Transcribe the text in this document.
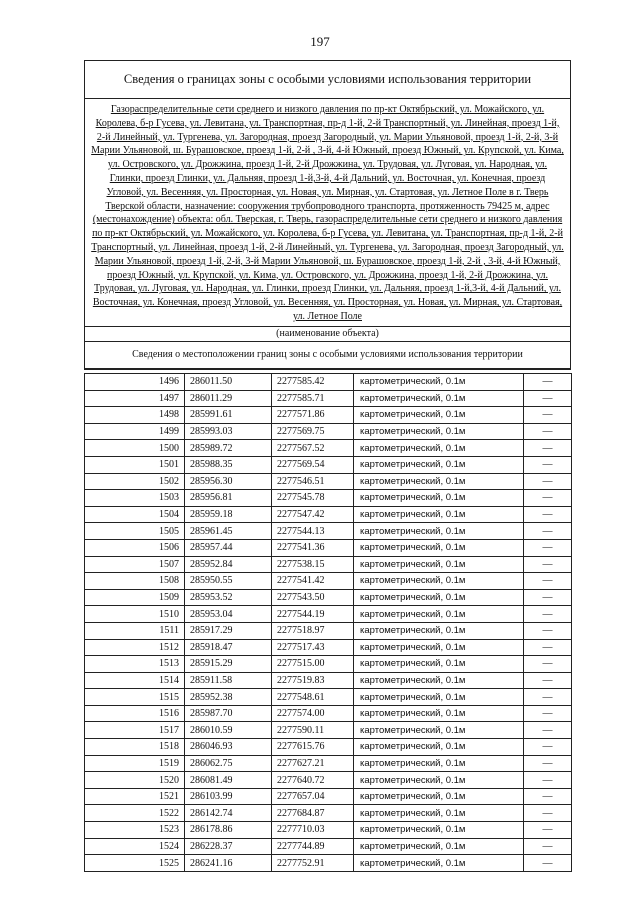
197
Сведения о границах зоны с особыми условиями использования территории
Газораспределительные сети среднего и низкого давления по пр-кт Октябрьский, ул. Можайского, ул. Королева, б-р Гусева, ул. Левитана, ул. Транспортная, пр-д 1-й, 2-й Транспортный, ул. Линейная, проезд 1-й, 2-й Линейный, ул. Тургенева, ул. Загородная, проезд Загородный, ул. Марии Ульяновой, проезд 1-й, 2-й, 3-й Марии Ульяновой, ш. Бурашовское, проезд 1-й, 2-й , 3-й, 4-й Южный, проезд Южный, ул. Крупской, ул. Кима, ул. Островского, ул. Дрожжина, проезд 1-й, 2-й Дрожжина, ул. Трудовая, ул. Луговая, ул. Народная, ул. Глинки, проезд Глинки, ул. Дальняя, проезд 1-й,3-й, 4-й Дальний, ул. Восточная, ул. Конечная, проезд Угловой, ул. Весенняя, ул. Просторная, ул. Новая, ул. Мирная, ул. Стартовая, ул. Летное Поле в г. Тверь Тверской области, назначение: сооружения трубопроводного транспорта, протяженность 79425 м, адрес (местонахождение) объекта: обл. Тверская, г. Тверь, газораспределительные сети среднего и низкого давления по пр-кт Октябрьский, ул. Можайского, ул. Королева, б-р Гусева, ул. Левитана, ул. Транспортная, пр-д 1-й, 2-й Транспортный, ул. Линейная, проезд 1-й, 2-й Линейный, ул. Тургенева, ул. Загородная, проезд Загородный, ул. Марии Ульяновой, проезд 1-й, 2-й, 3-й Марии Ульяновой, ш. Бурашовское, проезд 1-й, 2-й , 3-й, 4-й Южный, проезд Южный, ул. Крупской, ул. Кима, ул. Островского, ул. Дрожжина, проезд 1-й, 2-й Дрожжина, ул. Трудовая, ул. Луговая, ул. Народная, ул. Глинки, проезд Глинки, ул. Дальняя, проезд 1-й,3-й, 4-й Дальний, ул. Восточная, ул. Конечная, проезд Угловой, ул. Весенняя, ул. Просторная, ул. Новая, ул. Мирная, ул. Стартовая, ул. Летное Поле
(наименование объекта)
Сведения о местоположении границ зоны с особыми условиями использования территории
1496	286011.50	2277585.42	картометрический, 0.1м	—
1497	286011.29	2277585.71	картометрический, 0.1м	—
1498	285991.61	2277571.86	картометрический, 0.1м	—
1499	285993.03	2277569.75	картометрический, 0.1м	—
1500	285989.72	2277567.52	картометрический, 0.1м	—
1501	285988.35	2277569.54	картометрический, 0.1м	—
1502	285956.30	2277546.51	картометрический, 0.1м	—
1503	285956.81	2277545.78	картометрический, 0.1м	—
1504	285959.18	2277547.42	картометрический, 0.1м	—
1505	285961.45	2277544.13	картометрический, 0.1м	—
1506	285957.44	2277541.36	картометрический, 0.1м	—
1507	285952.84	2277538.15	картометрический, 0.1м	—
1508	285950.55	2277541.42	картометрический, 0.1м	—
1509	285953.52	2277543.50	картометрический, 0.1м	—
1510	285953.04	2277544.19	картометрический, 0.1м	—
1511	285917.29	2277518.97	картометрический, 0.1м	—
1512	285918.47	2277517.43	картометрический, 0.1м	—
1513	285915.29	2277515.00	картометрический, 0.1м	—
1514	285911.58	2277519.83	картометрический, 0.1м	—
1515	285952.38	2277548.61	картометрический, 0.1м	—
1516	285987.70	2277574.00	картометрический, 0.1м	—
1517	286010.59	2277590.11	картометрический, 0.1м	—
1518	286046.93	2277615.76	картометрический, 0.1м	—
1519	286062.75	2277627.21	картометрический, 0.1м	—
1520	286081.49	2277640.72	картометрический, 0.1м	—
1521	286103.99	2277657.04	картометрический, 0.1м	—
1522	286142.74	2277684.87	картометрический, 0.1м	—
1523	286178.86	2277710.03	картометрический, 0.1м	—
1524	286228.37	2277744.89	картометрический, 0.1м	—
1525	286241.16	2277752.91	картометрический, 0.1м	—
